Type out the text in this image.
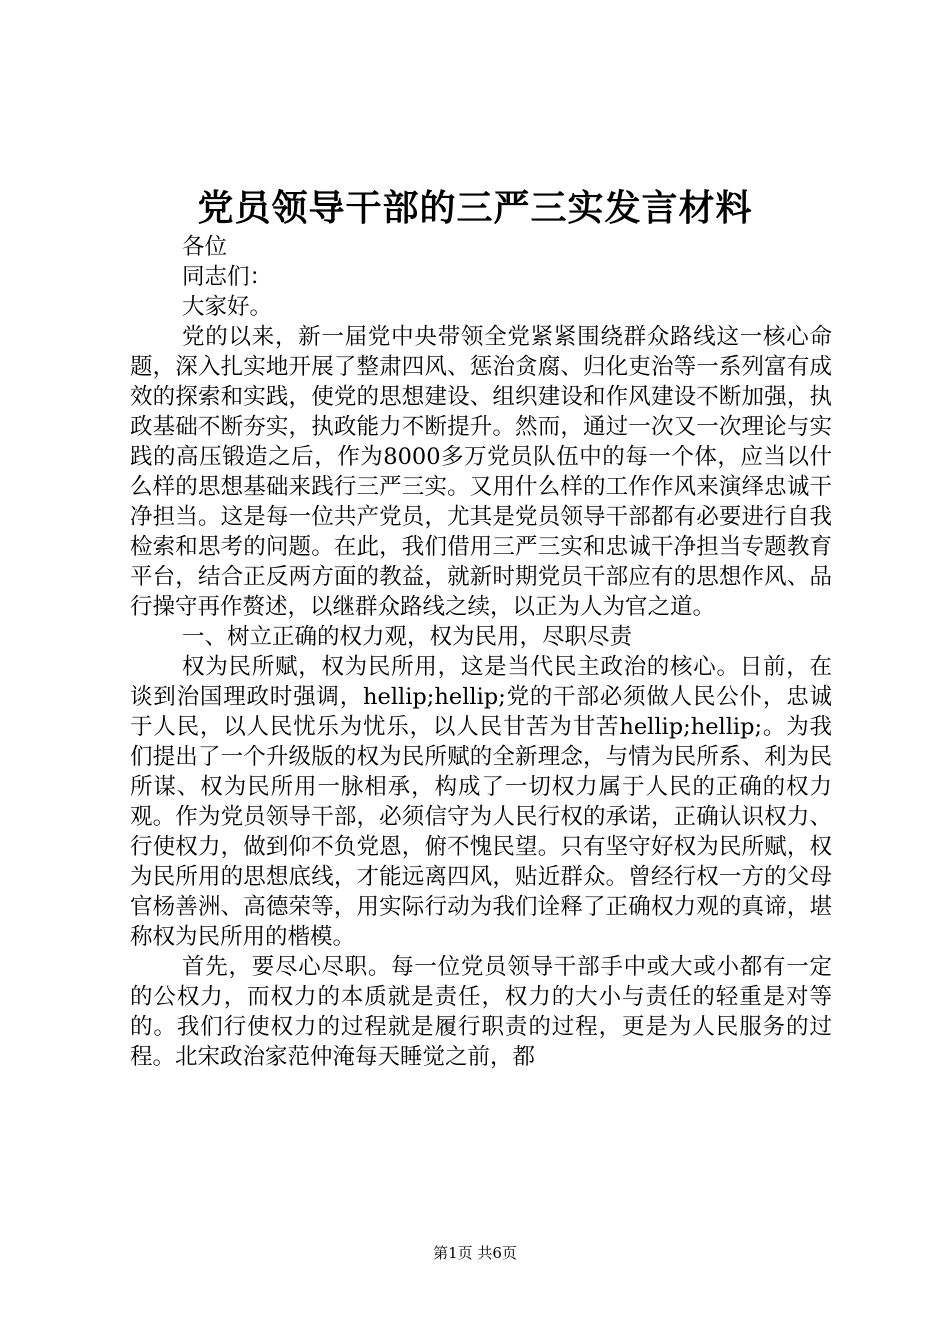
党员领导干部的三严三实发言材料

各位

同志们：

大家好。

党的以来，新一届党中央带领全党紧紧围绕群众路线这一核心命题，深入扎实地开展了整肃四风、惩治贪腐、归化吏治等一系列富有成效的探索和实践，使党的思想建设、组织建设和作风建设不断加强，执政基础不断夯实，执政能力不断提升。然而，通过一次又一次理论与实践的高压锻造之后，作为8000多万党员队伍中的每一个体，应当以什么样的思想基础来践行三严三实。又用什么样的工作作风来演绎忠诚干净担当。这是每一位共产党员，尤其是党员领导干部都有必要进行自我检索和思考的问题。在此，我们借用三严三实和忠诚干净担当专题教育平台，结合正反两方面的教益，就新时期党员干部应有的思想作风、品行操守再作赘述，以继群众路线之续，以正为人为官之道。

一、树立正确的权力观，权为民用，尽职尽责

权为民所赋，权为民所用，这是当代民主政治的核心。日前，在谈到治国理政时强调，hellip;hellip;党的干部必须做人民公仆，忠诚于人民，以人民忧乐为忧乐，以人民甘苦为甘苦hellip;hellip;。为我们提出了一个升级版的权为民所赋的全新理念，与情为民所系、利为民所谋、权为民所用一脉相承，构成了一切权力属于人民的正确的权力观。作为党员领导干部，必须信守为人民行权的承诺，正确认识权力、行使权力，做到仰不负党恩，俯不愧民望。只有坚守好权为民所赋，权为民所用的思想底线，才能远离四风，贴近群众。曾经行权一方的父母官杨善洲、高德荣等，用实际行动为我们诠释了正确权力观的真谛，堪称权为民所用的楷模。

首先，要尽心尽职。每一位党员领导干部手中或大或小都有一定的公权力，而权力的本质就是责任，权力的大小与责任的轻重是对等的。我们行使权力的过程就是履行职责的过程，更是为人民服务的过程。北宋政治家范仲淹每天睡觉之前，都

第1页 共6页
